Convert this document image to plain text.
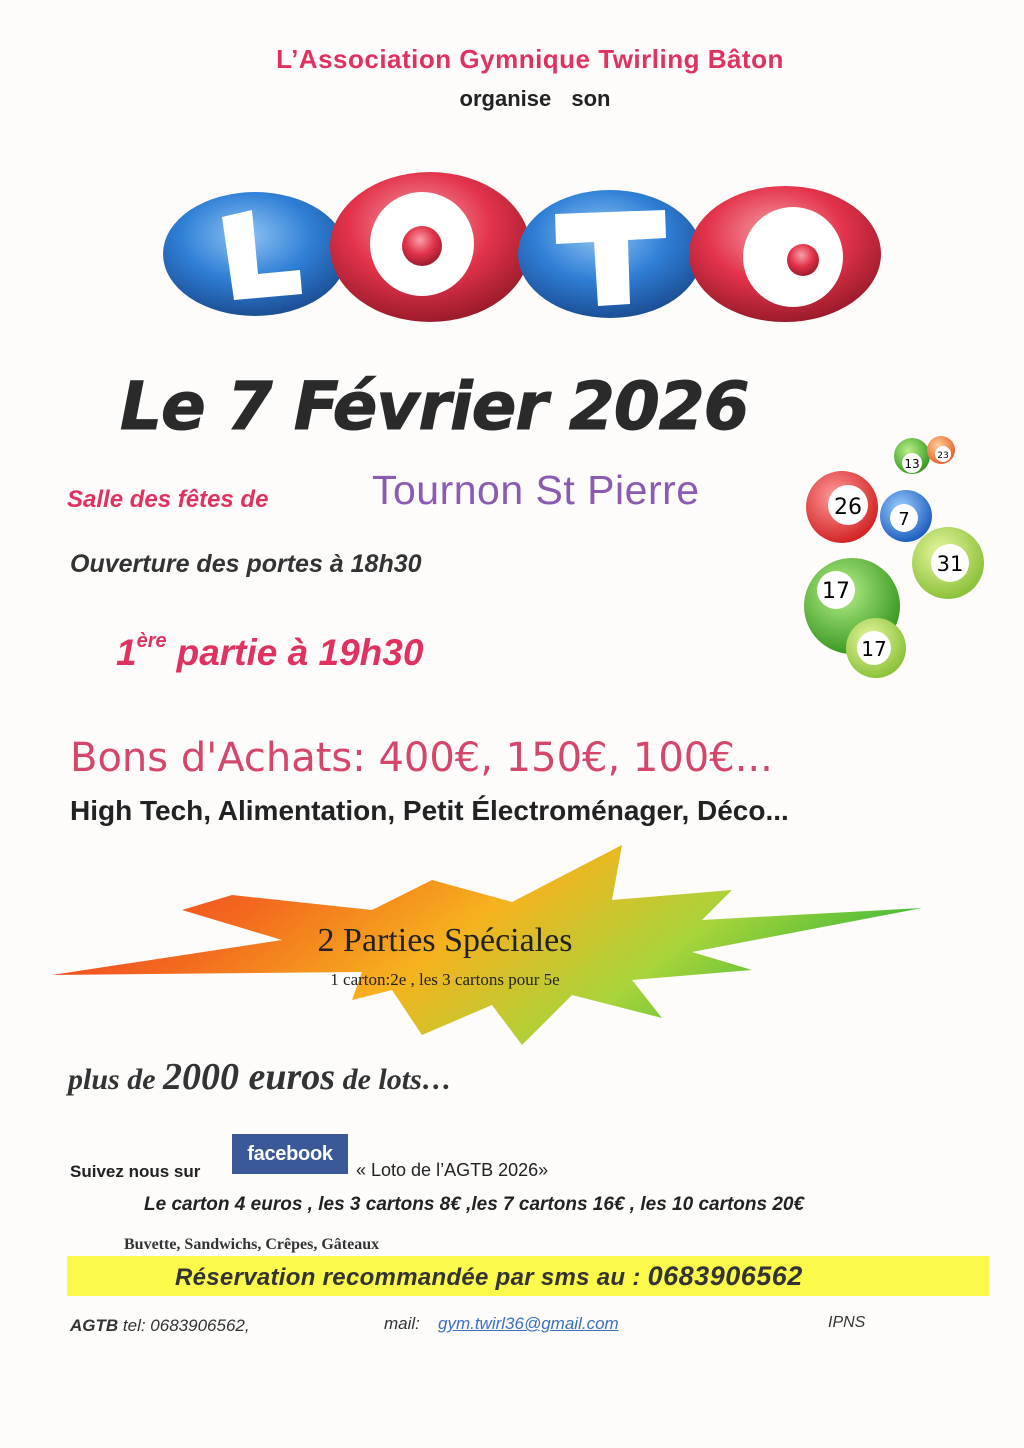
L’Association Gymnique Twirling Bâton
organise son
Le 7 Février 2026
Salle des fêtes de	Tournon St Pierre
13
23
26 7
31
17
17
Ouverture des portes à 18h30
1ère partie à 19h30
Bons d'Achats: 400€, 150€, 100€...
High Tech, Alimentation, Petit Électroménager, Déco...
2 Parties Spéciales
1 carton:2e , les 3 cartons pour 5e
plus de 2000 euros de lots…
Suivez nous sur
facebook
« Loto de l’AGTB 2026»
Le carton 4 euros , les 3 cartons 8€ ,les 7 cartons 16€ , les 10 cartons 20€
Buvette, Sandwichs, Crêpes, Gâteaux
Réservation recommandée par sms au : 0683906562
AGTB tel: 0683906562,	mail: gym.twirl36@gmail.com	IPNS
